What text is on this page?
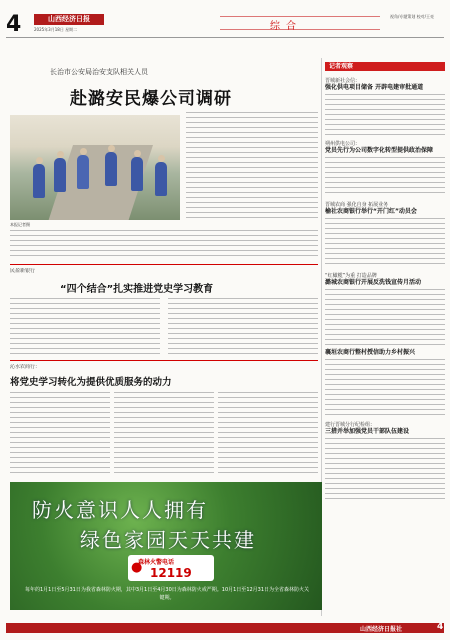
4	山西经济日报
2025年3月18日 星期二	综合
视角/专题策划 校对/王亮
长治市公安局治安支队相关人员
赴潞安民爆公司调研
本报记者摄
民盈新银行
“四个结合”扎实推进党史学习教育
沁水农商行：
将党史学习转化为提供优质服务的动力
记者观察
晋城新社会信：
强化供电项目储备 开辟电建审批通道
朔州供电公司：
党员先行为公司数字化转型提供政治保障
晋城农商 强化自身 拓展业务
榆社农商银行举行“开门红”动员会
“红橄榄”为重 打造品牌
潞城农商银行开展反洗钱宣传月活动
襄垣农商行整村授信助力乡村振兴
建行晋城分行纪检组：
三措并举加强党员干部队伍建设
防火意识人人拥有
绿色家园天天共建
●
森林火警电话
12119
每年的1月1日至5月31日为我省森林防火期，其中3月1日至4月30日为森林防火戒严期。10月1日至12月31日为全省森林防火关键期。
山西经济日报社	4
